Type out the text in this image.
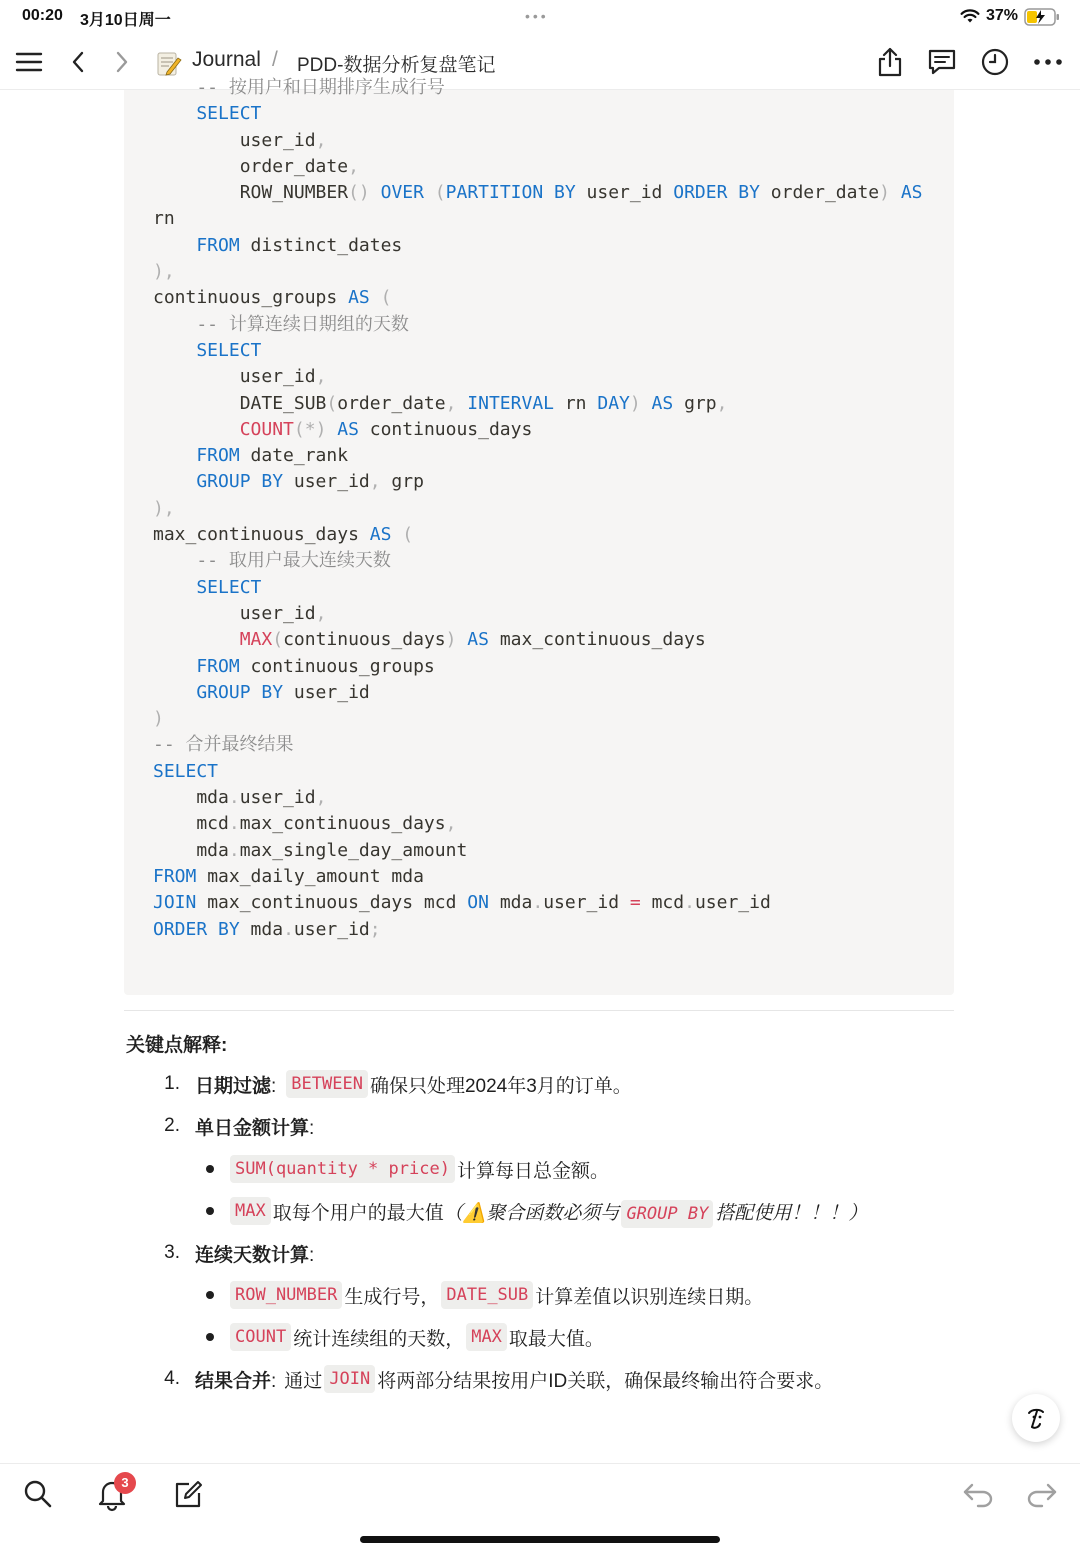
00:20 3月10日周一	•••	37%
Journal / PDD-数据分析复盘笔记
-- 按用户和日期排序生成行号
SELECT
user_id,
order_date,
ROW_NUMBER() OVER (PARTITION BY user_id ORDER BY order_date) AS
rn
FROM distinct_dates
),
continuous_groups AS (
-- 计算连续日期组的天数
SELECT
user_id,
DATE_SUB(order_date, INTERVAL rn DAY) AS grp,
COUNT(*) AS continuous_days
FROM date_rank
GROUP BY user_id, grp
),
max_continuous_days AS (
-- 取用户最大连续天数
SELECT
user_id,
MAX(continuous_days) AS max_continuous_days
FROM continuous_groups
GROUP BY user_id
)
-- 合并最终结果
SELECT
mda.user_id,
mcd.max_continuous_days,
mda.max_single_day_amount
FROM max_daily_amount mda
JOIN max_continuous_days mcd ON mda.user_id = mcd.user_id
ORDER BY mda.user_id;
关键点解释:
1. 日期过滤: BETWEEN 确保只处理2024年3月的订单。
2. 单日金额计算:
SUM(quantity * price) 计算每日总金额。
MAX 取每个用户的最大值 （⚠️聚合函数必须与 GROUP BY 搭配使用！！！）
3. 连续天数计算:
ROW_NUMBER 生成行号， DATE_SUB 计算差值以识别连续日期。
COUNT 统计连续组的天数， MAX 取最大值。
4. 结果合并: 通过 JOIN 将两部分结果按用户ID关联，确保最终输出符合要求。
3
